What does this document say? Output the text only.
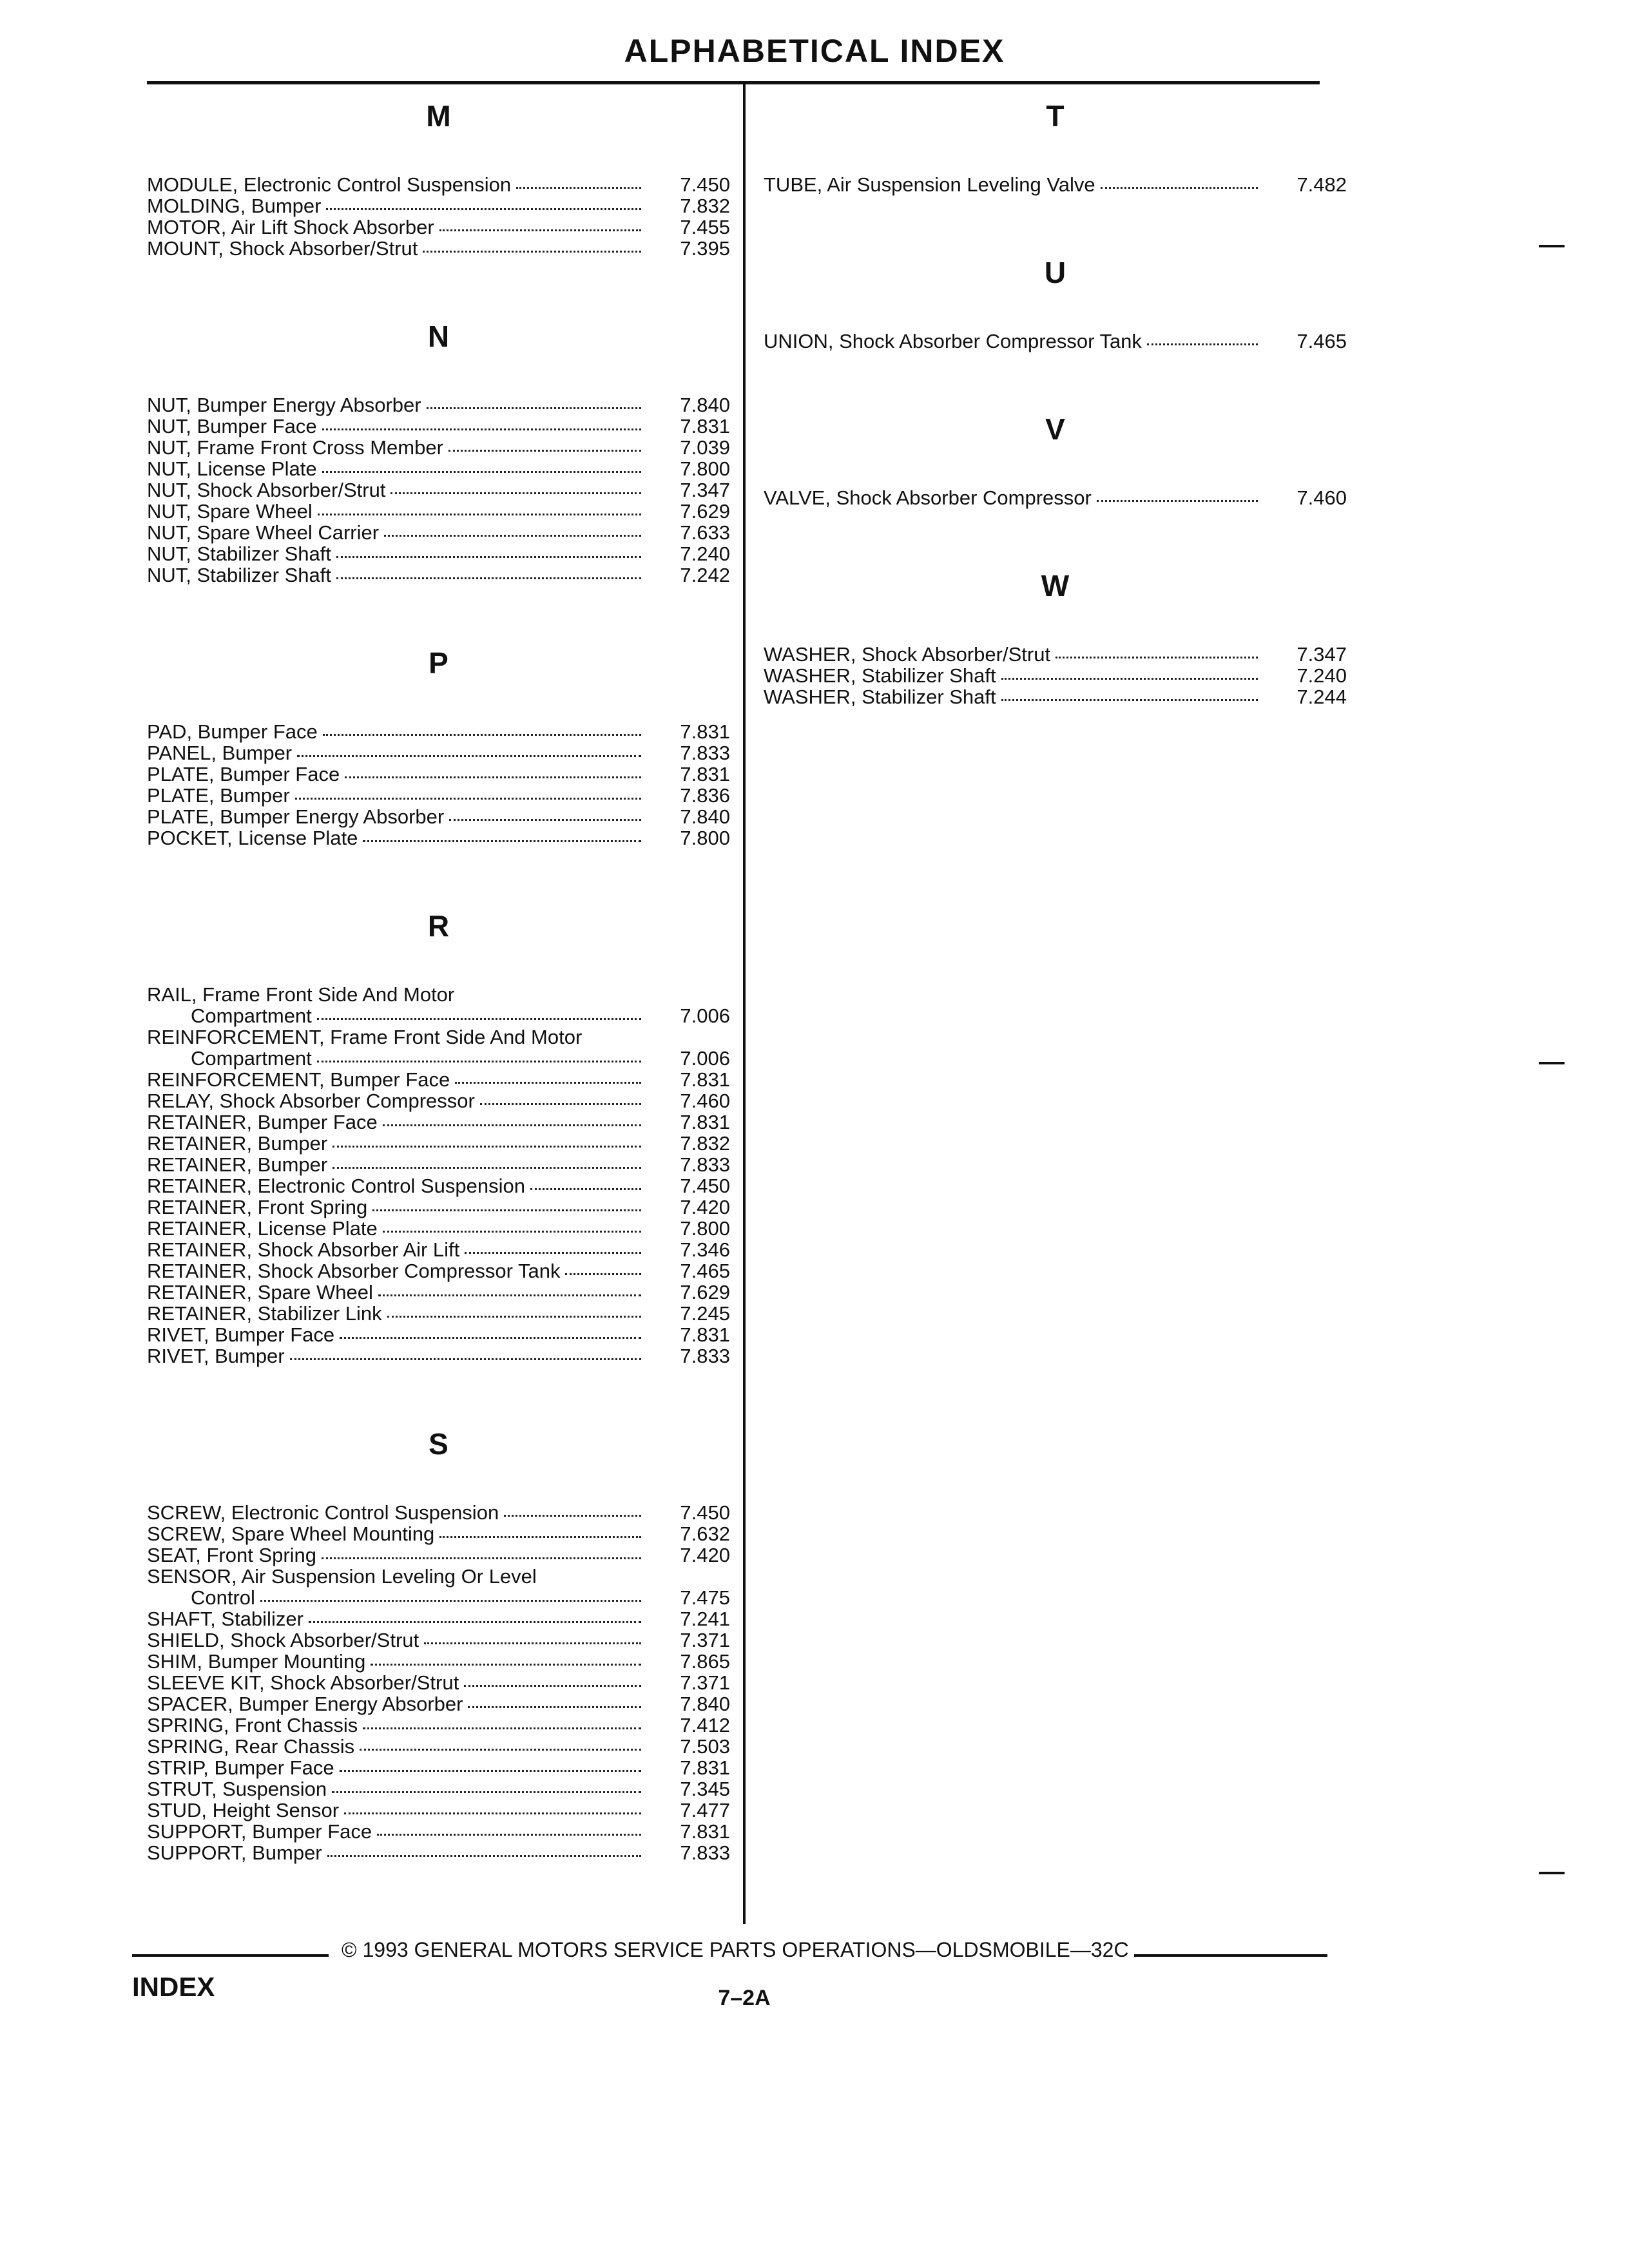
ALPHABETICAL INDEX
M
MODULE, Electronic Control Suspension	7.450
MOLDING, Bumper	7.832
MOTOR, Air Lift Shock Absorber	7.455
MOUNT, Shock Absorber/Strut	7.395
N
NUT, Bumper Energy Absorber	7.840
NUT, Bumper Face	7.831
NUT, Frame Front Cross Member	7.039
NUT, License Plate	7.800
NUT, Shock Absorber/Strut	7.347
NUT, Spare Wheel	7.629
NUT, Spare Wheel Carrier	7.633
NUT, Stabilizer Shaft	7.240
NUT, Stabilizer Shaft	7.242
P
PAD, Bumper Face	7.831
PANEL, Bumper	7.833
PLATE, Bumper Face	7.831
PLATE, Bumper	7.836
PLATE, Bumper Energy Absorber	7.840
POCKET, License Plate	7.800
R
RAIL, Frame Front Side And Motor
Compartment	7.006
REINFORCEMENT, Frame Front Side And Motor
Compartment	7.006
REINFORCEMENT, Bumper Face	7.831
RELAY, Shock Absorber Compressor	7.460
RETAINER, Bumper Face	7.831
RETAINER, Bumper	7.832
RETAINER, Bumper	7.833
RETAINER, Electronic Control Suspension	7.450
RETAINER, Front Spring	7.420
RETAINER, License Plate	7.800
RETAINER, Shock Absorber Air Lift	7.346
RETAINER, Shock Absorber Compressor Tank	7.465
RETAINER, Spare Wheel	7.629
RETAINER, Stabilizer Link	7.245
RIVET, Bumper Face	7.831
RIVET, Bumper	7.833
S
SCREW, Electronic Control Suspension	7.450
SCREW, Spare Wheel Mounting	7.632
SEAT, Front Spring	7.420
SENSOR, Air Suspension Leveling Or Level
Control	7.475
SHAFT, Stabilizer	7.241
SHIELD, Shock Absorber/Strut	7.371
SHIM, Bumper Mounting	7.865
SLEEVE KIT, Shock Absorber/Strut	7.371
SPACER, Bumper Energy Absorber	7.840
SPRING, Front Chassis	7.412
SPRING, Rear Chassis	7.503
STRIP, Bumper Face	7.831
STRUT, Suspension	7.345
STUD, Height Sensor	7.477
SUPPORT, Bumper Face	7.831
SUPPORT, Bumper	7.833
T
TUBE, Air Suspension Leveling Valve	7.482
U
UNION, Shock Absorber Compressor Tank	7.465
V
VALVE, Shock Absorber Compressor	7.460
W
WASHER, Shock Absorber/Strut	7.347
WASHER, Stabilizer Shaft	7.240
WASHER, Stabilizer Shaft	7.244
© 1993 GENERAL MOTORS SERVICE PARTS OPERATIONS—OLDSMOBILE—32C
INDEX	7–2A
